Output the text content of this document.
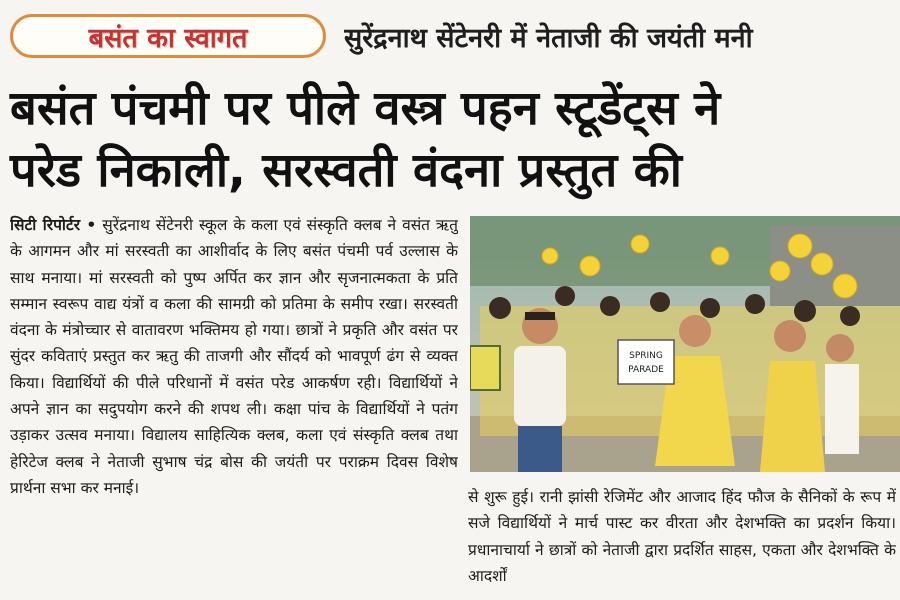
बसंत का स्वागत	सुरेंद्रनाथ सेंटेनरी में नेताजी की जयंती मनी
बसंत पंचमी पर पीले वस्त्र पहन स्टूडेंट्स ने
परेड निकाली, सरस्वती वंदना प्रस्तुत की

सिटी रिपोर्टर • सुरेंद्रनाथ सेंटेनरी स्कूल के कला एवं संस्कृति क्लब ने वसंत ऋतु के आगमन और मां सरस्वती का आशीर्वाद के लिए बसंत पंचमी पर्व उल्लास के साथ मनाया। मां सरस्वती को पुष्प अर्पित कर ज्ञान और सृजनात्मकता के प्रति सम्मान स्वरूप वाद्य यंत्रों व कला की सामग्री को प्रतिमा के समीप रखा। सरस्वती वंदना के मंत्रोच्चार से वातावरण भक्तिमय हो गया। छात्रों ने प्रकृति और वसंत पर सुंदर कविताएं प्रस्तुत कर ऋतु की ताजगी और सौंदर्य को भावपूर्ण ढंग से व्यक्त किया। विद्यार्थियों की पीले परिधानों में वसंत परेड आकर्षण रही। विद्यार्थियों ने अपने ज्ञान का सदुपयोग करने की शपथ ली। कक्षा पांच के विद्यार्थियों ने पतंग उड़ाकर उत्सव मनाया। विद्यालय साहित्यिक क्लब, कला एवं संस्कृति क्लब तथा हेरिटेज क्लब ने नेताजी सुभाष चंद्र बोस की जयंती पर पराक्रम दिवस विशेष प्रार्थना सभा कर मनाई।

SPRING
PARADE

से शुरू हुई। रानी झांसी रेजिमेंट और आजाद हिंद फौज के सैनिकों के रूप में सजे विद्यार्थियों ने मार्च पास्ट कर वीरता और देशभक्ति का प्रदर्शन किया। प्रधानाचार्या ने छात्रों को नेताजी द्वारा प्रदर्शित साहस, एकता और देशभक्ति के आदर्शों
